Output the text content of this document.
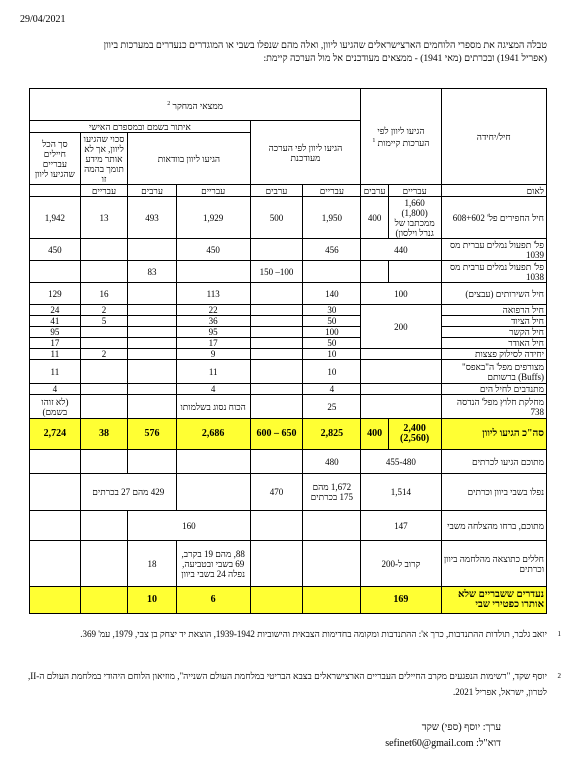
29/04/2021
טבלה המציגה את מספרי הלוחמים הארצישראלים שהגיעו ליוון, ואלה מהם שנפלו בשבי או המוגדרים כנעדרים במערכות ביוון
(אפריל 1941) ובכרתים (מאי 1941) - ממצאים מעודכנים אל מול הערכה קיימת:
חיל/יחידה	הגיעו ליוון לפי הערכות קיימות $^1$		ממצאי המחקר $^2$
			הגיעו ליוון לפי הערכה מעודכנת		איתור בשמם ובמספרם האישי			
					הגיעו ליוון בוודאות		סכוי שהגיעו ליוון, אך לא אותר מידע תומך בהמה זו	סך הכל חיילים עבריים שהגיעו ליוון
לאום	עבריים	ערבים	עבריים	ערבים	עבריים	ערבים	עבריים	
חיל החפירים פל' 608+602	1,660 (1,800) ממכתבו של גנרל וילסון)	400	1,950	500	1,929	493	13	1,942
פל' תפעול נמלים עברית מס 1039	440		456		450			450
פל' תפעול נמלים ערבית מס 1038				100– 150		83		
חיל השירותים (עבצים)	100		140		113		16	129
חיל הרפואה	200		30		22		2	24
חיל הציוד			50		36		5	41
חיל הקשר			100		95			95
חיל האודר			50		17			17
יחידה לסילוק פצצות			10		9		2	11
מצורפים מפל' ה"באפס" (Buffs) ברשותם			10		11			11
מתנדבים לחיל הים			4		4			4
מחלקת חלוץ מפל' הנדסה 738			25		הכוח נסוג בשלמותו			(לא זוהו בשמם)
סה"כ הגיעו ליוון	2,400 (2,560)	400	2,825	650 – 600	2,686	576	38	2,724
מתוכם הגיעו לכרתים	455-480		480					
נפלו בשבי ביוון וכרתים	1,514		1,672 מהם 175 בכרתים	470		429 מהם 27 בכרתים		
מתוכם, ברחו מהצלחה משבי	147				160			
חללים כתוצאה מהלחמה ביוון וכרתים	קרוב ל-200				88, מהם 19 בקרב, 69 בשבי ובטביעה, נפלה 24 בשבי ביוון	18		
נעדרים ששבריים שלא אותרו כפטירי שבי	169				6	10		
1
יואב גלבר, תולדות ההתנדבות, כרך א': ההתנדבות ומקומה בחדימות הצבאית והישוביות 1939-1942, הוצאת יד יצחק בן צבי, 1979, עמ' 369.
2
יוסף שקד, "רשימות הנפגעים מקרב החיילים העבריים הארצישראלים בצבא הבריטי במלחמת העולם השנייה", מוזיאון הלוחם היהודי במלחמת העולם ה-II, לטרון, ישראל, אפריל 2021.
ערך: יוסף (ספי) שקד
דוא"ל: sefinet60@gmail.com
